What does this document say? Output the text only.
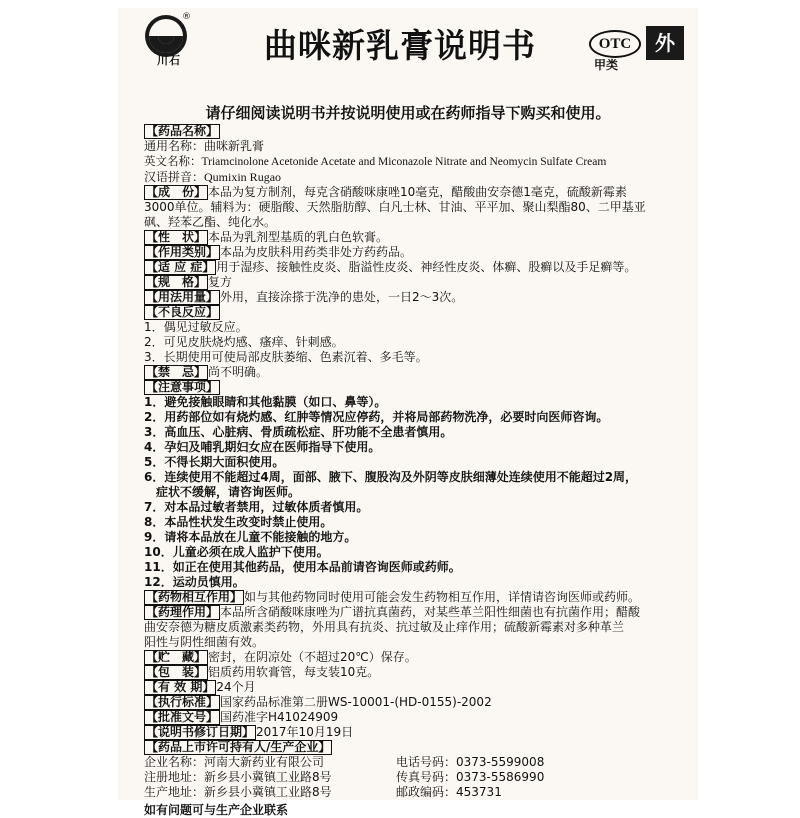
川石
®
曲咪新乳膏说明书	OTC
甲类
外
请仔细阅读说明书并按说明使用或在药师指导下购买和使用。
【药品名称】
通用名称：曲咪新乳膏
英文名称：Triamcinolone Acetonide Acetate and Miconazole Nitrate and Neomycin Sulfate Cream
汉语拼音：Qumixin Rugao
【成　份】 本品为复方制剂，每克含硝酸咪康唑10毫克，醋酸曲安奈德1毫克，硫酸新霉素
3000单位。辅料为：硬脂酸、天然脂肪醇、白凡士林、甘油、平平加、聚山梨酯80、二甲基亚
砜、羟苯乙酯、纯化水。
【性　状】 本品为乳剂型基质的乳白色软膏。
【作用类别】 本品为皮肤科用药类非处方药药品。
【适 应 症】 用于湿疹、接触性皮炎、脂溢性皮炎、神经性皮炎、体癣、股癣以及手足癣等。
【规　格】 复方
【用法用量】 外用，直接涂搽于洗净的患处，一日2～3次。
【不良反应】
1．偶见过敏反应。
2．可见皮肤烧灼感、瘙痒、针刺感。
3．长期使用可使局部皮肤萎缩、色素沉着、多毛等。
【禁　忌】 尚不明确。
【注意事项】
1．避免接触眼睛和其他黏膜（如口、鼻等）。
2．用药部位如有烧灼感、红肿等情况应停药，并将局部药物洗净，必要时向医师咨询。
3．高血压、心脏病、骨质疏松症、肝功能不全患者慎用。
4．孕妇及哺乳期妇女应在医师指导下使用。
5．不得长期大面积使用。
6．连续使用不能超过4周，面部、腋下、腹股沟及外阴等皮肤细薄处连续使用不能超过2周，
症状不缓解，请咨询医师。
7．对本品过敏者禁用，过敏体质者慎用。
8．本品性状发生改变时禁止使用。
9．请将本品放在儿童不能接触的地方。
10．儿童必须在成人监护下使用。
11．如正在使用其他药品，使用本品前请咨询医师或药师。
12．运动员慎用。
【药物相互作用】 如与其他药物同时使用可能会发生药物相互作用，详情请咨询医师或药师。
【药理作用】 本品所含硝酸咪康唑为广谱抗真菌药，对某些革兰阳性细菌也有抗菌作用；醋酸
曲安奈德为糖皮质激素类药物，外用具有抗炎、抗过敏及止痒作用；硫酸新霉素对多种革兰
阳性与阴性细菌有效。
【贮　藏】 密封，在阴凉处（不超过20℃）保存。
【包　装】 铝质药用软膏管，每支装10克。
【有 效 期】 24个月
【执行标准】 国家药品标准第二册WS-10001-(HD-0155)-2002
【批准文号】 国药准字H41024909
【说明书修订日期】 2017年10月19日
【药品上市许可持有人/生产企业】
企业名称：河南大新药业有限公司	电话号码：0373-5599008
注册地址：新乡县小冀镇工业路8号	传真号码：0373-5586990
生产地址：新乡县小冀镇工业路8号	邮政编码：453731
如有问题可与生产企业联系
